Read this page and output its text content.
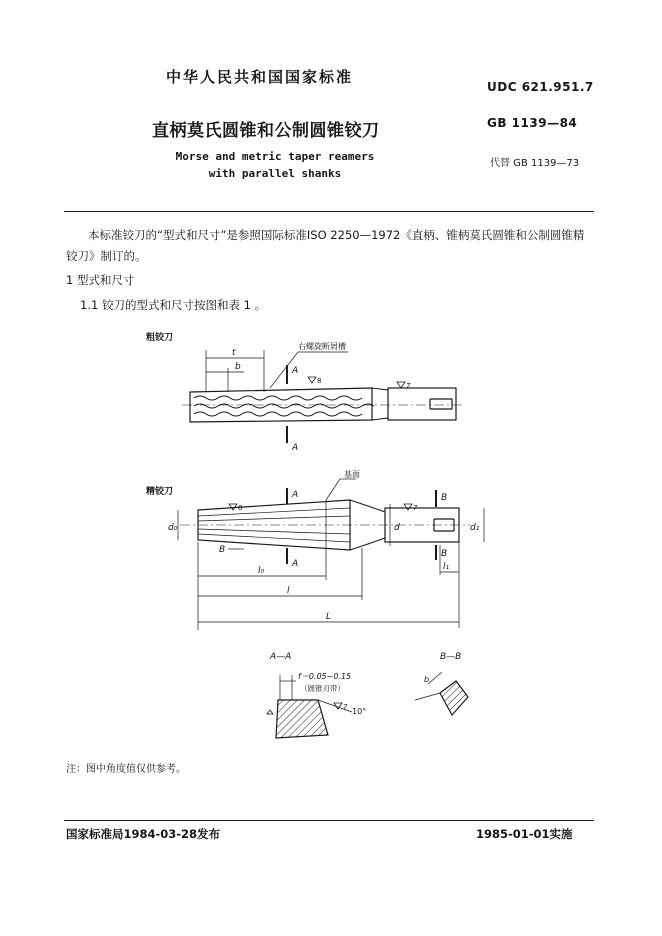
中华人民共和国国家标准
UDC 621.951.7
直柄莫氏圆锥和公制圆锥铰刀	GB 1139—84
Morse and metric taper reamers
with parallel shanks
代替 GB 1139—73
本标准铰刀的“型式和尺寸”是参照国际标准ISO 2250—1972《直柄、锥柄莫氏圆锥和公制圆锥精铰刀》制订的。
1 型式和尺寸
1.1 铰刀的型式和尺寸按图和表 1 。
粗铰刀
t
b
右螺旋断屑槽
A
A
8
7
精铰刀
基面
A
A
B
B
8	7
d₀	d	d₁
B
l₀
l
l₁
L
A—A
f＝0.05~0.15
（圆锥刃带）
7 10°
B—B
b
注：图中角度值仅供参考。
国家标准局1984-03-28发布	1985-01-01实施
